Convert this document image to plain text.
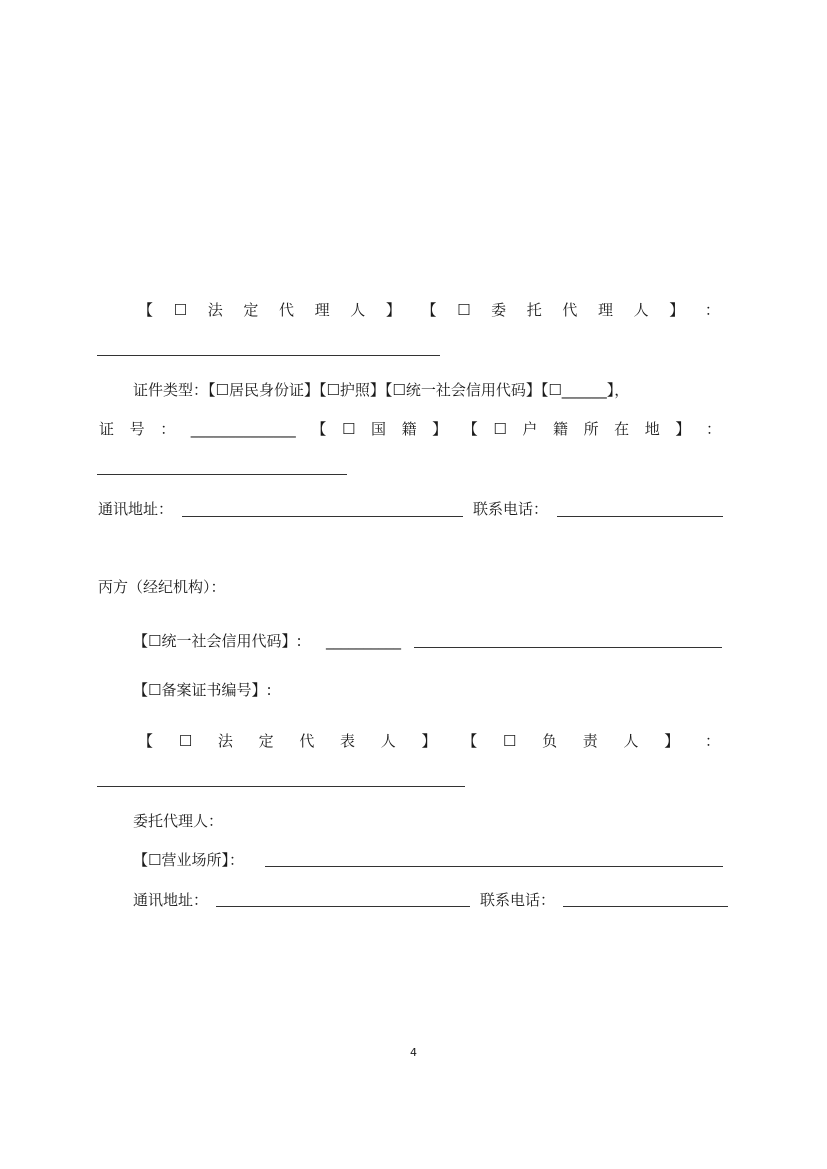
【 ☐ 法 定 代 理 人 】 【 ☐ 委 托 代 理 人 】 ：
证件类型：【☐居民身份证】【☐护照】【☐统一社会信用代码】【☐______】，
证 号 ： ______________ 【 ☐ 国 籍 】 【 ☐ 户 籍 所 在 地 】 ：
通讯地址：	联系电话：
丙方（经纪机构）：
【☐统一社会信用代码】: __________
【☐备案证书编号】:
【 ☐ 法 定 代 表 人 】 【 ☐ 负 责 人 】 ：
委托代理人：
【☐营业场所】：
通讯地址：	联系电话：
4
